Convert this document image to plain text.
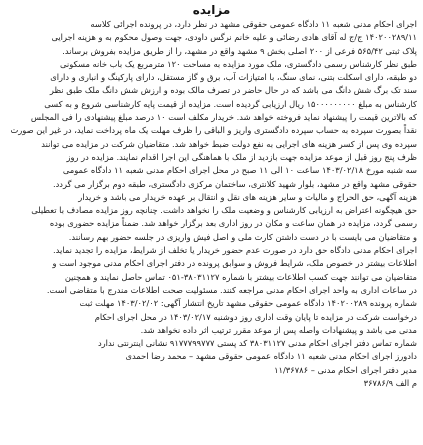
مزایده
اجرای احکام مدنی شعبه ۱۱ دادگاه عمومی حقوقی مشهد در نظر دارد، در پرونده اجرائی کلاسه
۱۴۰۲۰۰۲۸۹/۱۱ ج/ج له آقای هادی رضائی و علیه خانم نرگس داودی، جهت وصول محکوم به و هزینه اجرایی
پلاک ثبتی ۵۶۵/۴۲ فرعی از ۲۰۰ اصلی بخش ۹ مشهد واقع در مشهد، را از طریق مزایده بفروش برساند.
طبق نظر کارشناس رسمی دادگستری، ملک مورد مزایده به مساحت ۱۲۰ مترمربع یک باب خانه مسکونی
دو طبقه، دارای اسکلت بتنی، نمای سنگ، با امتیازات آب، برق و گاز مستقل، دارای پارکینگ و انباری و دارای
سند تک برگ شش دانگ می باشد که در حال حاضر در تصرف مالک بوده و ارزش شش دانگ ملک طبق نظر
کارشناس به مبلغ ۱۵۰۰۰۰۰۰۰۰۰ ریال ارزیابی گردیده است. مزایده از قیمت پایه کارشناسی شروع و به کسی
که بالاترین قیمت را پیشنهاد نماید فروخته خواهد شد. خریدار مکلف است ۱۰ درصد مبلغ پیشنهادی را فی المجلس
نقداً بصورت سپرده به حساب سپرده دادگستری واریز و الباقی را ظرف مهلت یک ماه پرداخت نماید، در غیر این صورت
سپرده وی پس از کسر هزینه های اجرایی به نفع دولت ضبط خواهد شد. متقاضیان شرکت در مزایده می توانند
ظرف پنج روز قبل از موعد مزایده جهت بازدید از ملک با هماهنگی این اجرا اقدام نمایند. مزایده در روز
سه شنبه مورخ ۱۴۰۳/۰۲/۱۸ ساعت ۱۰ الی ۱۱ صبح در محل اجرای احکام مدنی شعبه ۱۱ دادگاه عمومی
حقوقی مشهد واقع در مشهد، بلوار شهید کلانتری، ساختمان مرکزی دادگستری، طبقه دوم برگزار می گردد.
هزینه آگهی، حق الحراج و مالیات و سایر هزینه های نقل و انتقال بر عهده خریدار می باشد و خریدار
حق هیچگونه اعتراض به ارزیابی کارشناس و وضعیت ملک را نخواهد داشت. چنانچه روز مزایده مصادف با تعطیلی
رسمی گردد، مزایده در همان ساعت و مکان در روز اداری بعد برگزار خواهد شد. ضمناً مزایده حضوری بوده
و متقاضیان می بایست با در دست داشتن کارت ملی و اصل فیش واریزی در جلسه حضور بهم رسانند.
اجرای احکام مدنی دادگاه حق دارد در صورت عدم حضور خریدار یا تخلف از شرایط، مزایده را تجدید نماید.
اطلاعات بیشتر در خصوص ملک، شرایط فروش و سوابق پرونده در دفتر اجرای احکام مدنی موجود است و
متقاضیان می توانند جهت کسب اطلاعات بیشتر با شماره ۳۸۰۳۱۱۲۷-۰۵۱ تماس حاصل نمایند و همچنین
در ساعات اداری به واحد اجرای احکام مدنی مراجعه کنند. مسئولیت صحت اطلاعات مندرج با متقاضی است.
شماره پرونده ۱۴۰۲۰۰۲۸۹ دادگاه عمومی حقوقی مشهد تاریخ انتشار آگهی: ۱۴۰۳/۰۲/۰۲ مهلت ثبت
درخواست شرکت در مزایده تا پایان وقت اداری روز دوشنبه ۱۴۰۳/۰۲/۱۷ در محل اجرای احکام
مدنی می باشد و پیشنهادات واصله پس از موعد مقرر ترتیب اثر داده نخواهد شد.
شماره تماس دفتر اجرای احکام مدنی ۳۸۰۳۱۱۲۷ کد پستی ۹۱۷۷۷۹۹۷۷۷ نشانی اینترنتی ندارد
دادورز اجرای احکام مدنی شعبه ۱۱ دادگاه عمومی حقوقی مشهد – محمد رضا احمدی
مدیر دفتر اجرای احکام مدنی – ۱۱/۳۶۷۸۶
م الف ۳۶۷۸۶/۹
